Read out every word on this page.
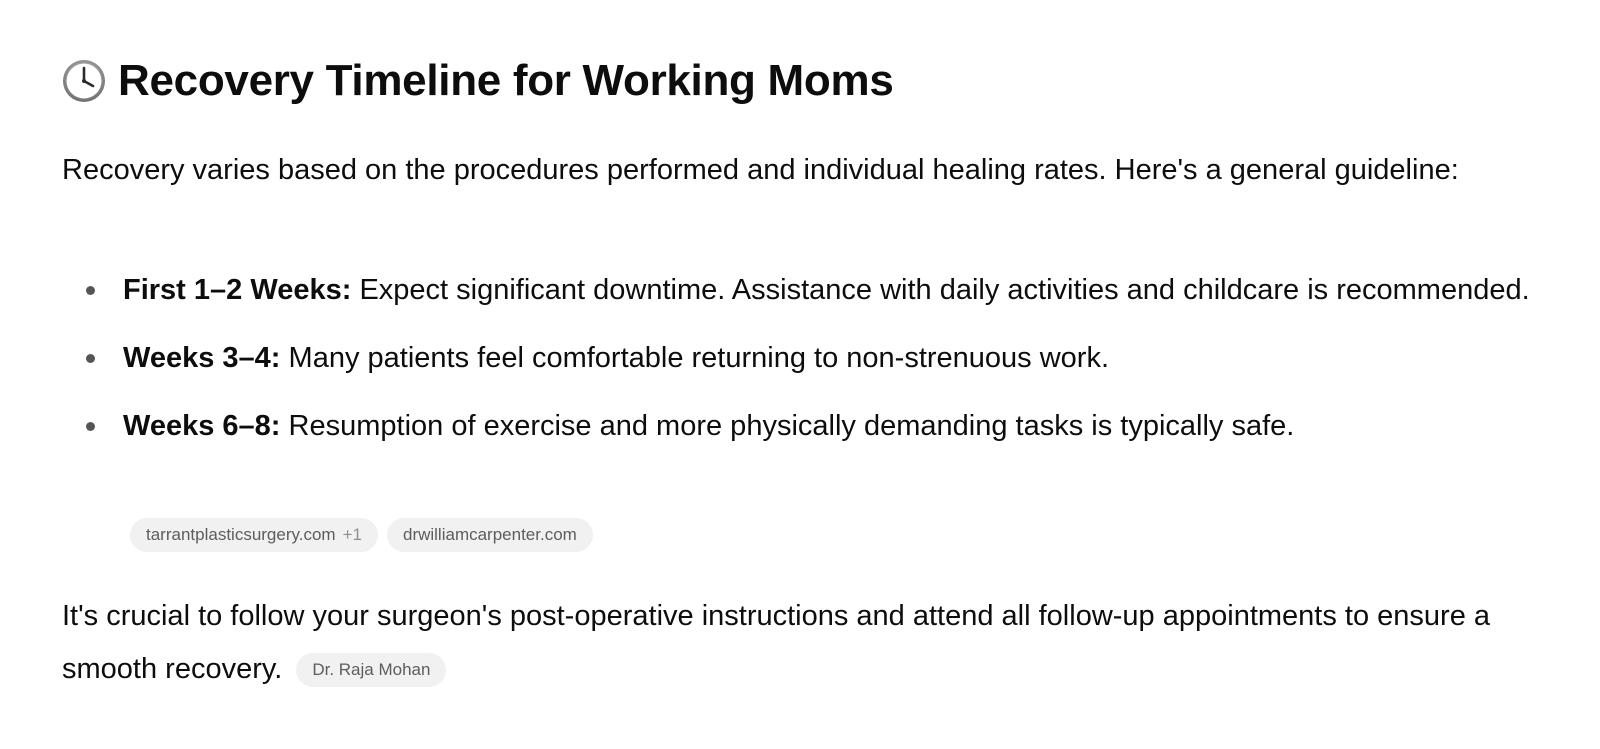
Recovery Timeline for Working Moms
Recovery varies based on the procedures performed and individual healing rates. Here's a general guideline:
First 1–2 Weeks: Expect significant downtime. Assistance with daily activities and childcare is recommended.
Weeks 3–4: Many patients feel comfortable returning to non-strenuous work.
Weeks 6–8: Resumption of exercise and more physically demanding tasks is typically safe.
tarrantplasticsurgery.com +1 drwilliamcarpenter.com
It's crucial to follow your surgeon's post-operative instructions and attend all follow-up appointments to ensure a smooth recovery. Dr. Raja Mohan
